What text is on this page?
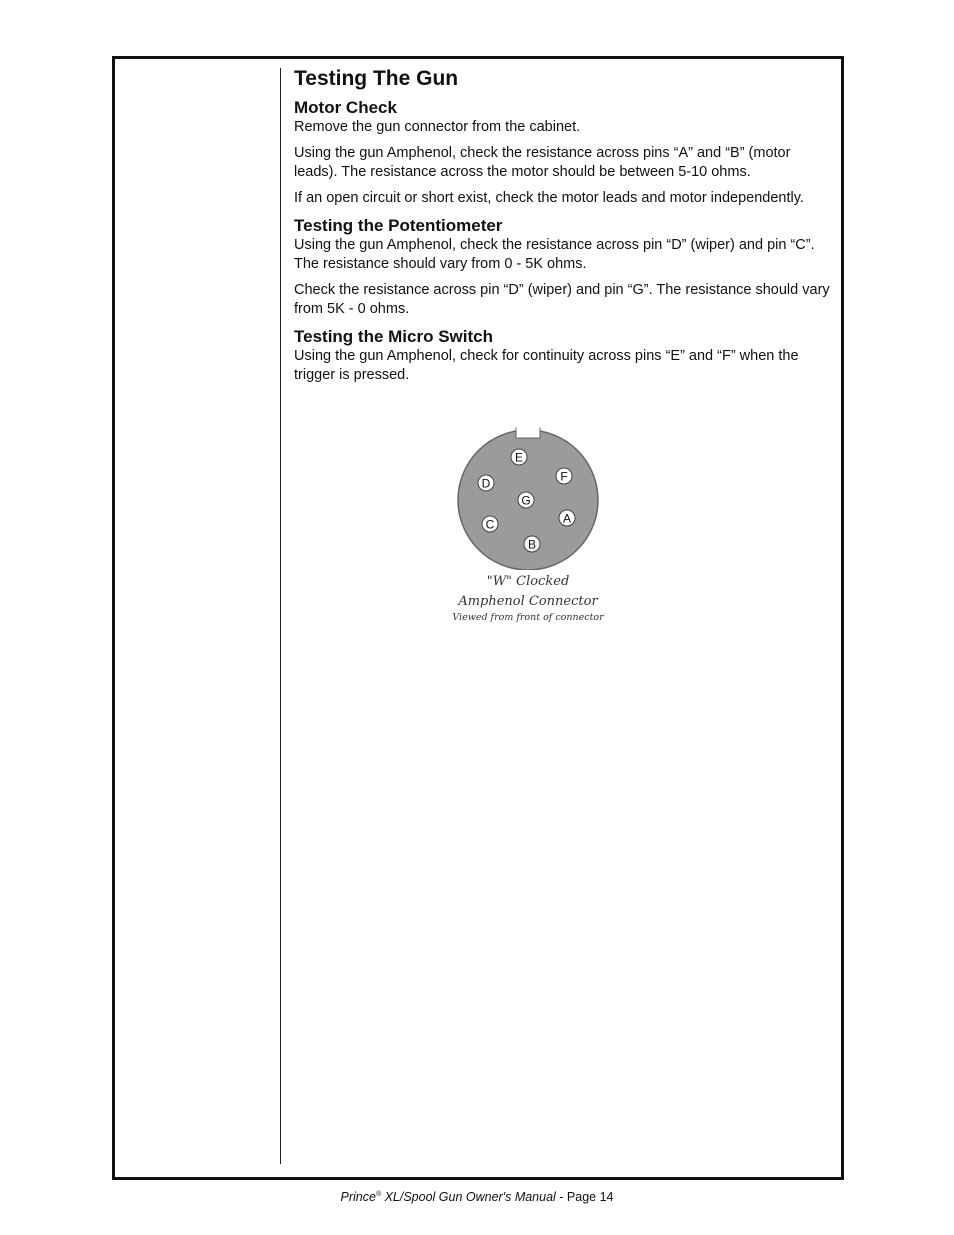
Testing The Gun
Motor Check

Remove the gun connector from the cabinet.

Using the gun Amphenol, check the resistance across pins “A” and “B” (motor leads). The resistance across the motor should be between 5-10 ohms.

If an open circuit or short exist, check the motor leads and motor independently.

Testing the Potentiometer

Using the gun Amphenol, check the resistance across pin “D” (wiper) and pin “C”. The resistance should vary from 0 - 5K ohms.

Check the resistance across pin “D” (wiper) and pin “G”. The resistance should vary from 5K - 0 ohms.

Testing the Micro Switch

Using the gun Amphenol, check for continuity across pins “E” and “F” when the trigger is pressed.

E
F
D
G
C	A
B

"W" Clocked

Amphenol Connector

Viewed from front of connector

Prince® XL/Spool Gun Owner's Manual - Page 14
